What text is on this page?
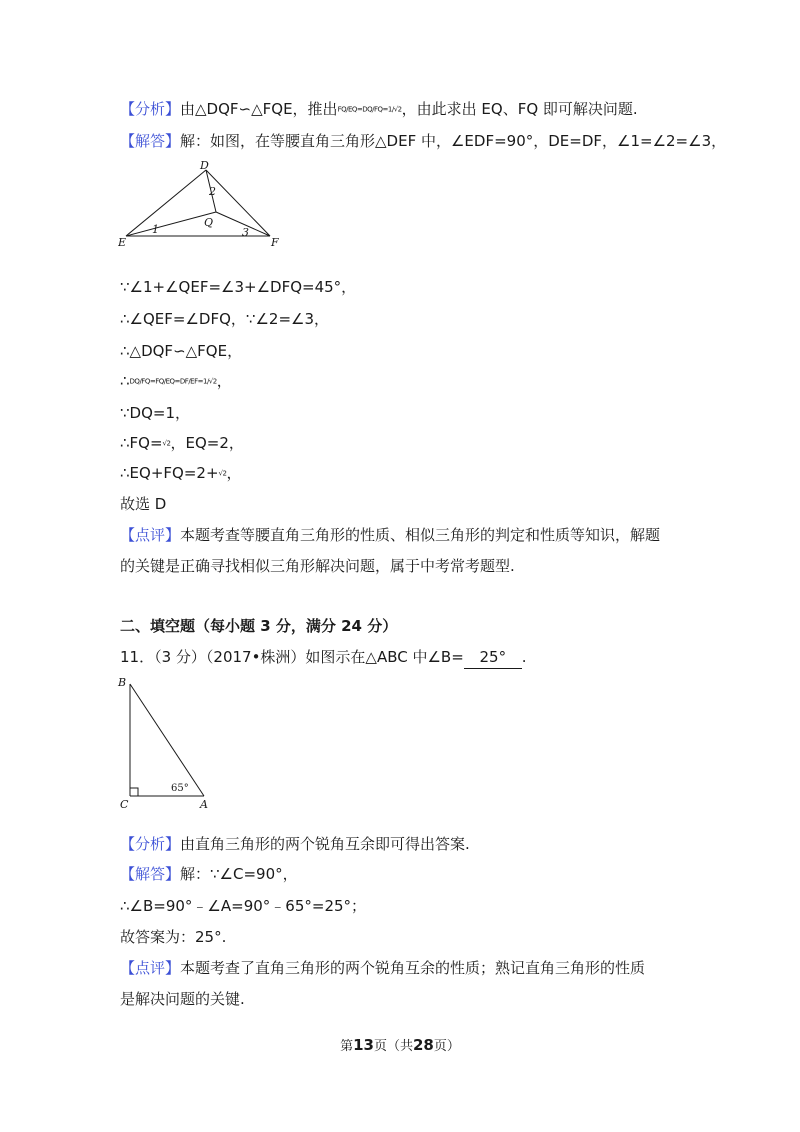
【分析】由△DQF∽△FQE，推出FQ/EQ=DQ/FQ=1/√2，由此求出 EQ、FQ 即可解决问题.
【解答】解：如图，在等腰直角三角形△DEF 中，∠EDF=90°，DE=DF，∠1=∠2=∠3，
D
E	F
Q
1
2
3
∵∠1+∠QEF=∠3+∠DFQ=45°，
∴∠QEF=∠DFQ，∵∠2=∠3，
∴△DQF∽△FQE，
∴DQ/FQ=FQ/EQ=DF/EF=1/√2，
∵DQ=1，
∴FQ=√2，EQ=2，
∴EQ+FQ=2+√2，
故选 D
【点评】本题考查等腰直角三角形的性质、相似三角形的判定和性质等知识，解题
的关键是正确寻找相似三角形解决问题，属于中考常考题型.
二、填空题（每小题 3 分，满分 24 分）
11．（3 分）（2017•株洲）如图示在△ABC 中∠B= 25° .
B
C	A
65°
【分析】由直角三角形的两个锐角互余即可得出答案.
【解答】解：∵∠C=90°，
∴∠B=90°﹣∠A=90°﹣65°=25°；
故答案为：25°.
【点评】本题考查了直角三角形的两个锐角互余的性质；熟记直角三角形的性质
是解决问题的关键.
第13页（共28页）
